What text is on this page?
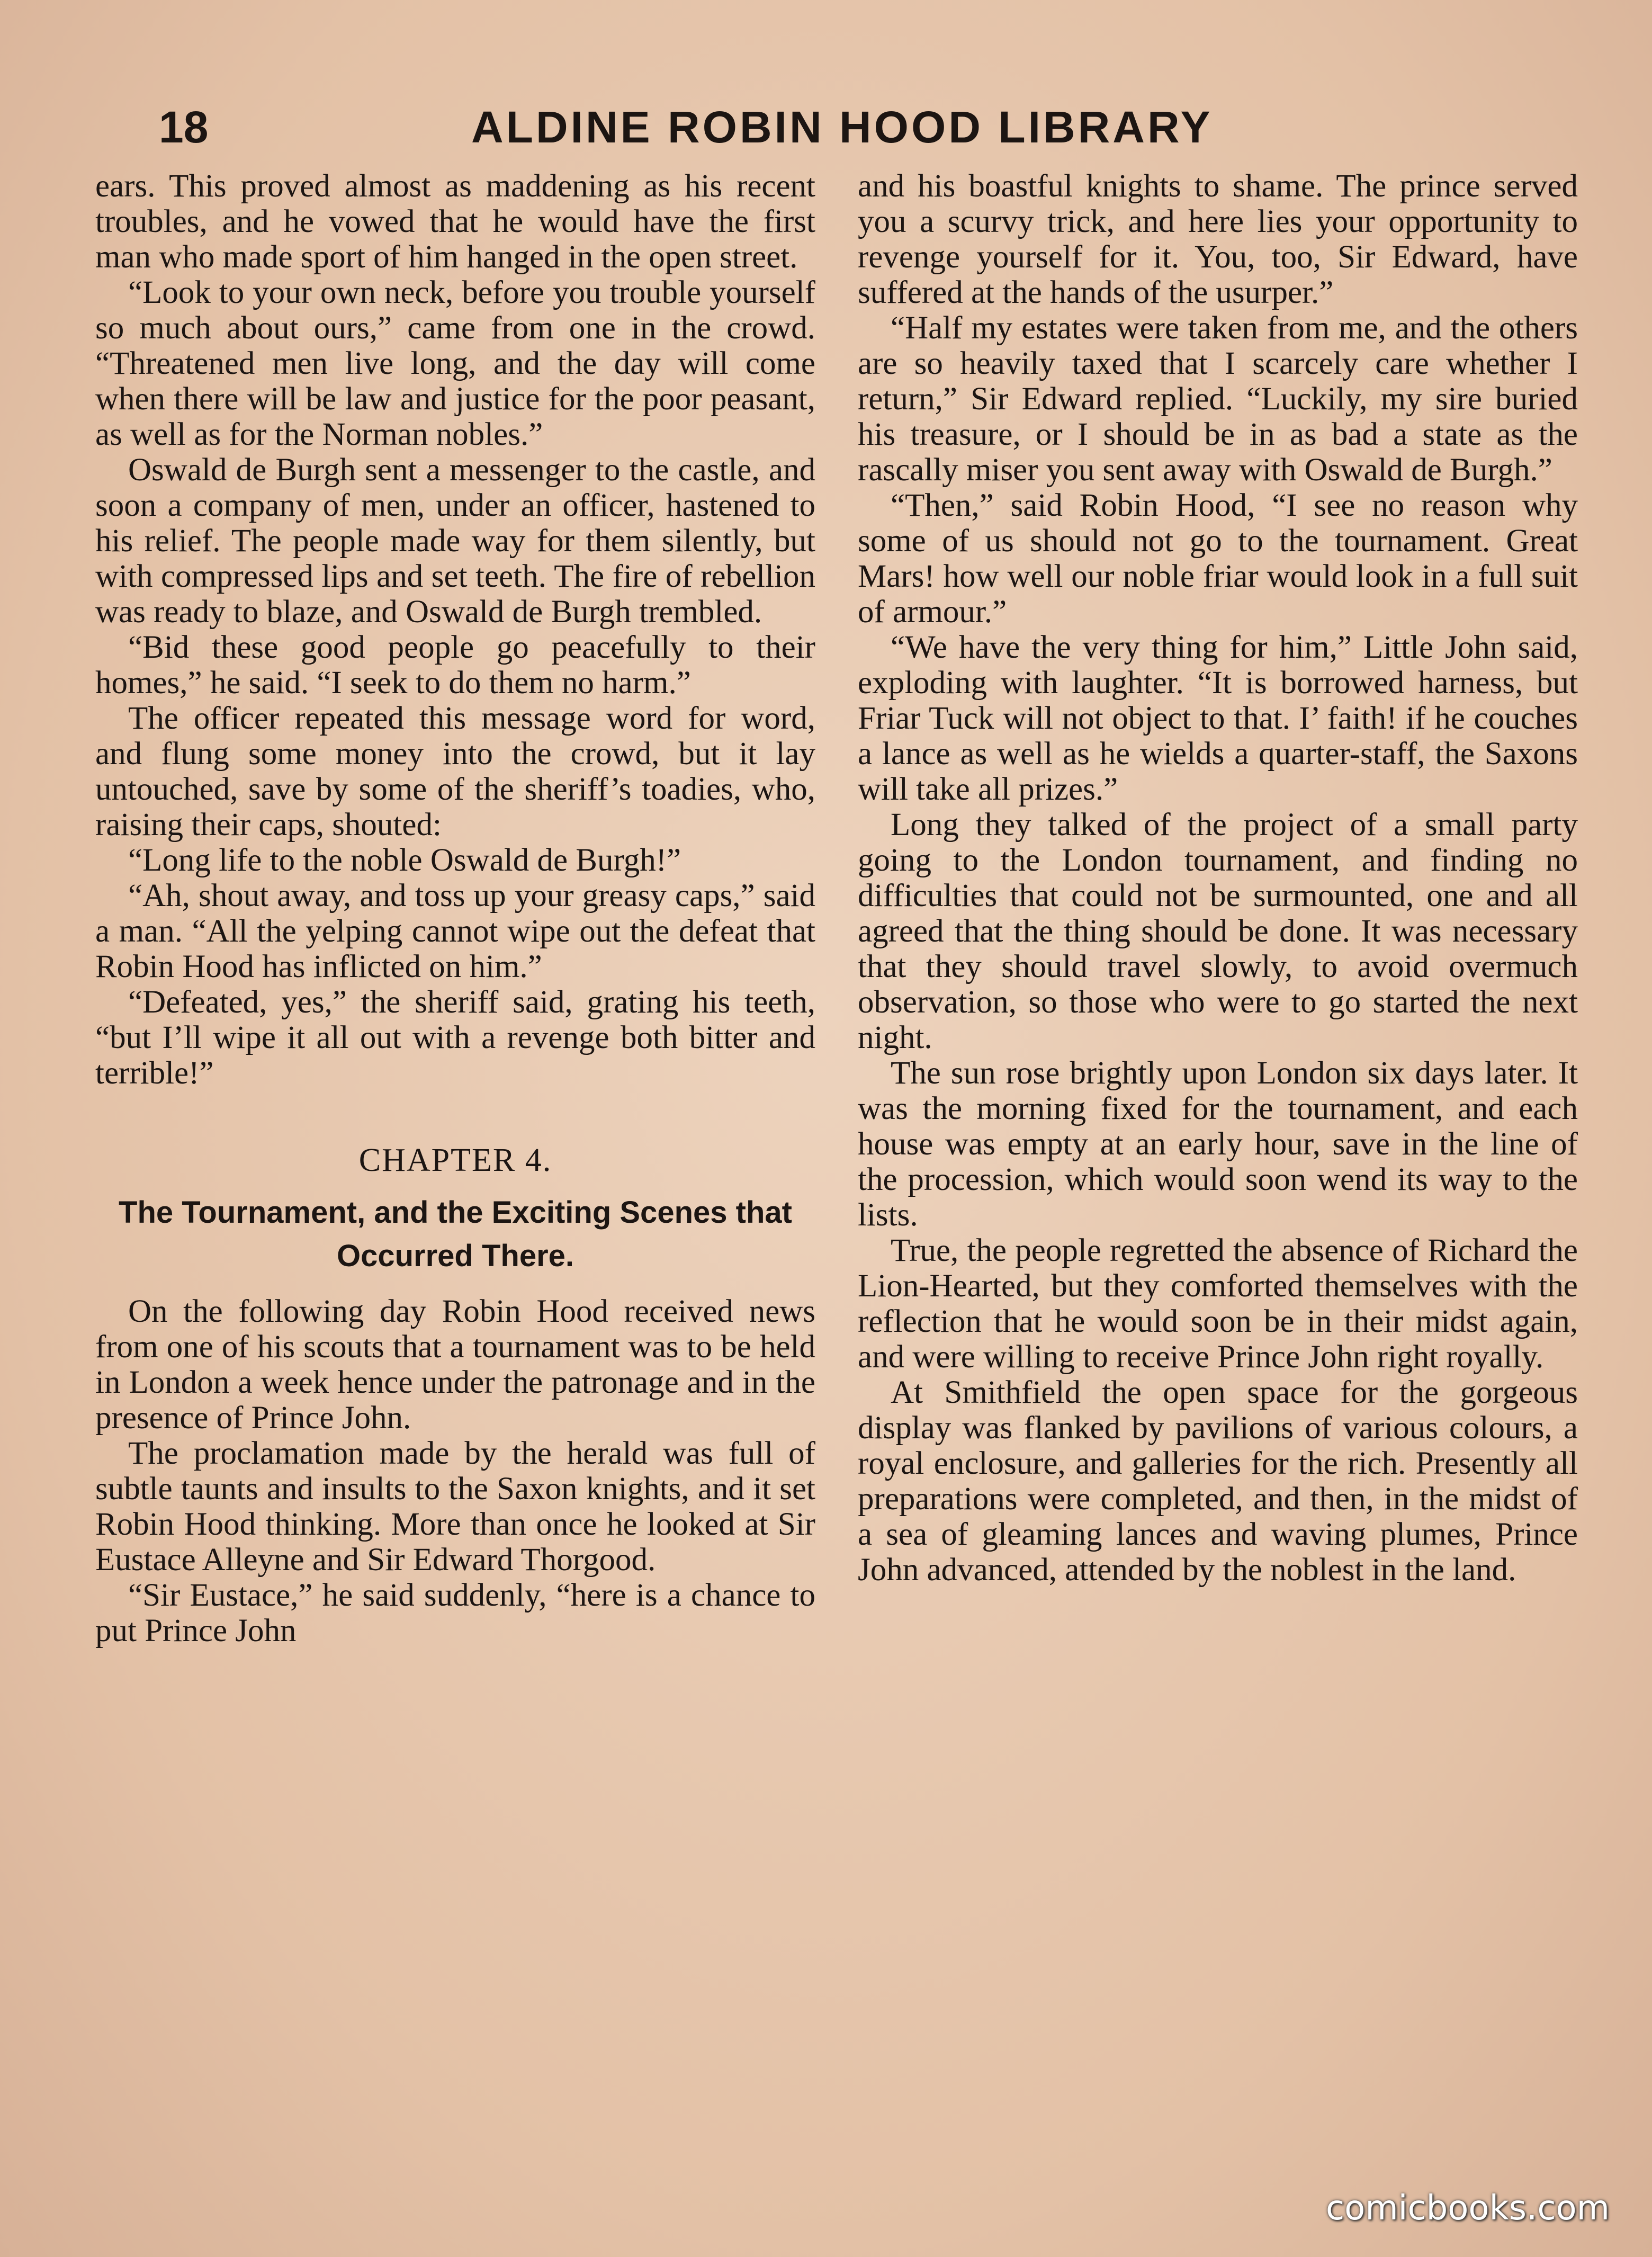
18	ALDINE ROBIN HOOD LIBRARY

ears. This proved almost as maddening as his recent troubles, and he vowed that he would have the first man who made sport of him hanged in the open street.

“Look to your own neck, before you trouble yourself so much about ours,” came from one in the crowd. “Threatened men live long, and the day will come when there will be law and justice for the poor peasant, as well as for the Norman nobles.”

Oswald de Burgh sent a messenger to the castle, and soon a company of men, under an officer, hastened to his relief. The people made way for them silently, but with compressed lips and set teeth. The fire of rebellion was ready to blaze, and Oswald de Burgh trembled.

“Bid these good people go peacefully to their homes,” he said. “I seek to do them no harm.”

The officer repeated this message word for word, and flung some money into the crowd, but it lay untouched, save by some of the sheriff’s toadies, who, raising their caps, shouted:

“Long life to the noble Oswald de Burgh!”

“Ah, shout away, and toss up your greasy caps,” said a man. “All the yelping cannot wipe out the defeat that Robin Hood has inflicted on him.”

“Defeated, yes,” the sheriff said, grating his teeth, “but I’ll wipe it all out with a revenge both bitter and terrible!”

CHAPTER 4.
The Tournament, and the Exciting Scenes that Occurred There.

On the following day Robin Hood received news from one of his scouts that a tournament was to be held in London a week hence under the patronage and in the presence of Prince John.

The proclamation made by the herald was full of subtle taunts and insults to the Saxon knights, and it set Robin Hood thinking. More than once he looked at Sir Eustace Alleyne and Sir Edward Thorgood.

“Sir Eustace,” he said suddenly, “here is a chance to put Prince John

and his boastful knights to shame. The prince served you a scurvy trick, and here lies your opportunity to revenge yourself for it. You, too, Sir Edward, have suffered at the hands of the usurper.”

“Half my estates were taken from me, and the others are so heavily taxed that I scarcely care whether I return,” Sir Edward replied. “Luckily, my sire buried his treasure, or I should be in as bad a state as the rascally miser you sent away with Oswald de Burgh.”

“Then,” said Robin Hood, “I see no reason why some of us should not go to the tournament. Great Mars! how well our noble friar would look in a full suit of armour.”

“We have the very thing for him,” Little John said, exploding with laughter. “It is borrowed harness, but Friar Tuck will not object to that. I’ faith! if he couches a lance as well as he wields a quarter-staff, the Saxons will take all prizes.”

Long they talked of the project of a small party going to the London tournament, and finding no difficulties that could not be surmounted, one and all agreed that the thing should be done. It was necessary that they should travel slowly, to avoid overmuch observation, so those who were to go started the next night.

The sun rose brightly upon London six days later. It was the morning fixed for the tournament, and each house was empty at an early hour, save in the line of the procession, which would soon wend its way to the lists.

True, the people regretted the absence of Richard the Lion-Hearted, but they comforted themselves with the reflection that he would soon be in their midst again, and were willing to receive Prince John right royally.

At Smithfield the open space for the gorgeous display was flanked by pavilions of various colours, a royal enclosure, and galleries for the rich. Presently all preparations were completed, and then, in the midst of a sea of gleaming lances and waving plumes, Prince John advanced, attended by the noblest in the land.

comicbooks.com
